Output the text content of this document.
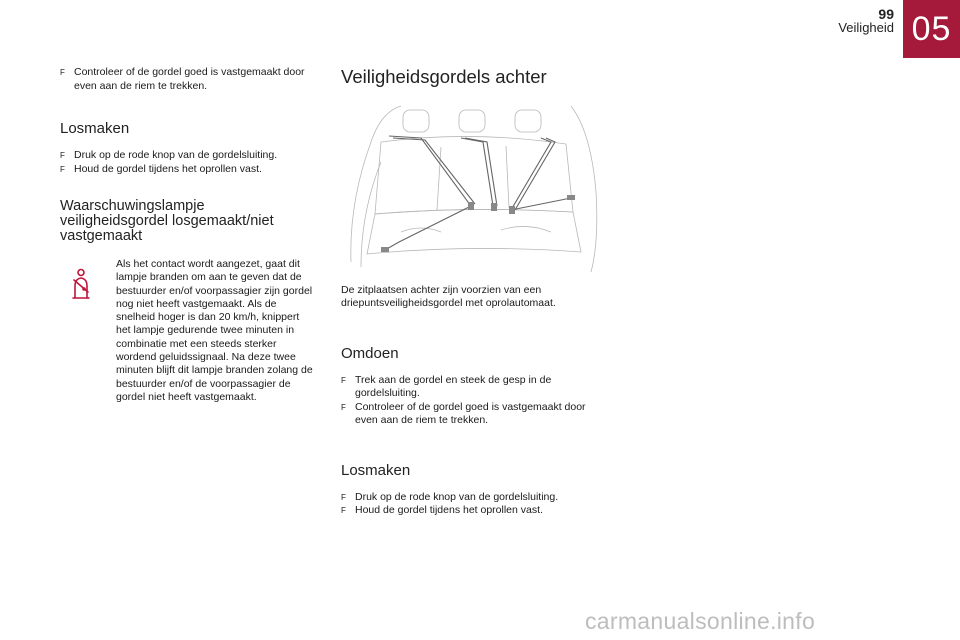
99
Veiligheid 05
F Controleer of de gordel goed is vastgemaakt door even aan de riem te trekken.
Losmaken
F Druk op de rode knop van de gordelsluiting.
F Houd de gordel tijdens het oprollen vast.
Waarschuwingslampje veiligheidsgordel losgemaakt/niet vastgemaakt
Als het contact wordt aangezet, gaat dit lampje branden om aan te geven dat de bestuurder en/of voorpassagier zijn gordel nog niet heeft vastgemaakt. Als de snelheid hoger is dan 20 km/h, knippert het lampje gedurende twee minuten in combinatie met een steeds sterker wordend geluidssignaal. Na deze twee minuten blijft dit lampje branden zolang de bestuurder en/of de voorpassagier de gordel niet heeft vastgemaakt.
Veiligheidsgordels achter
De zitplaatsen achter zijn voorzien van een driepuntsveiligheidsgordel met oprolautomaat.
Omdoen
F Trek aan de gordel en steek de gesp in de gordelsluiting.
F Controleer of de gordel goed is vastgemaakt door even aan de riem te trekken.
Losmaken
F Druk op de rode knop van de gordelsluiting.
F Houd de gordel tijdens het oprollen vast.
carmanualsonline.info
